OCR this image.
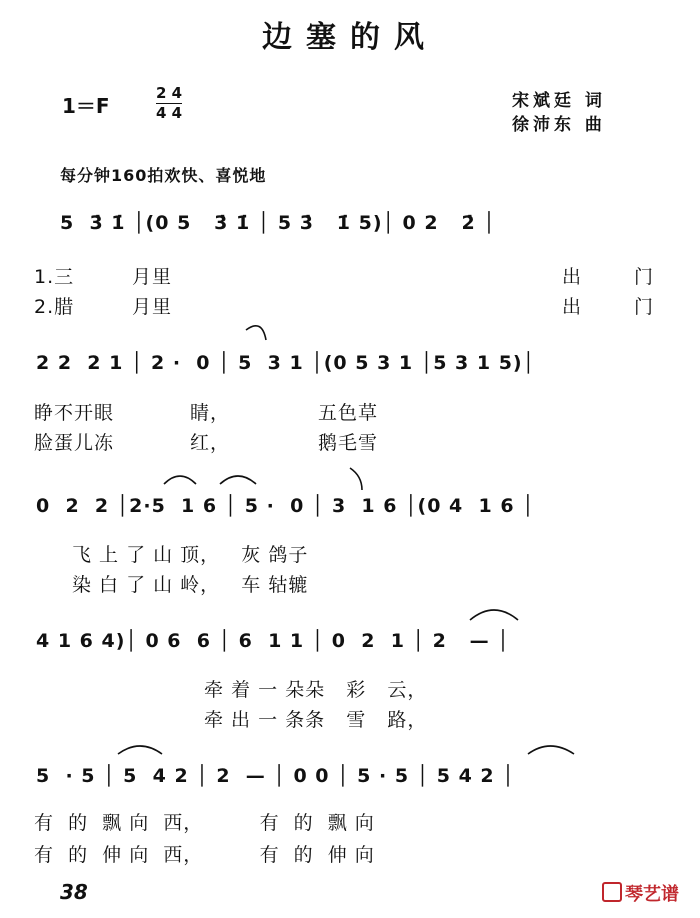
边塞的风
1＝F
2 4
4 4
宋斌廷 词
徐沛东 曲
每分钟160拍欢快、喜悦地
5  3̇ 1̇ │(0 5   3̇ 1̇ │ 5 3̇   1̇ 5)│ 0 2   2̇ │
1.三	月里	出	门
2.腊	月里	出	门
2 2  2 1 │ 2 ·  0 │ 5  3 1 │(0 5 3 1 │5 3 1 5)│
睁不开眼	睛，	五色草
脸蛋儿冻	红，	鹅毛雪
0  2  2 │2·5  1 6 │ 5 ·  0 │ 3  1 6 │(0 4  1 6 │
飞 上 了 山 顶，   灰 鸽子
染 白 了 山 岭，   车 轱辘
4 1 6 4)│ 0 6  6 │ 6  1 1 │ 0  2  1 │ 2   — │
牵 着 一 朵朵   彩   云，
牵 出 一 条条   雪   路，
5  · 5 │ 5  4 2 │ 2  — │ 0 0 │ 5 · 5 │ 5 4 2 │
有  的  飘 向  西，        有  的  飘 向
有  的  伸 向  西，        有  的  伸 向
38	琴艺谱
